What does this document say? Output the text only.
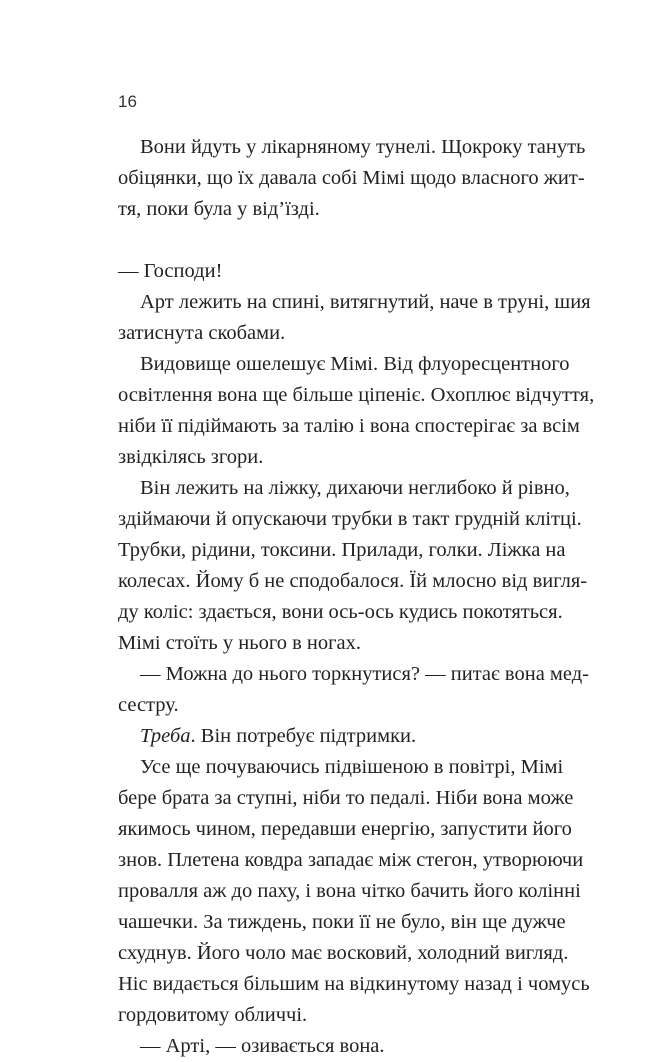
16

Вони йдуть у лікарняному тунелі. Щокроку тануть
обіцянки, що їх давала собі Мімі щодо власного жит-
тя, поки була у від’їзді.

— Господи!

Арт лежить на спині, витягнутий, наче в труні, шия
затиснута скобами.

Видовище ошелешує Мімі. Від флуоресцентного
освітлення вона ще більше ціпеніє. Охоплює відчуття,
ніби її підіймають за талію і вона спостерігає за всім
звідкілясь згори.

Він лежить на ліжку, дихаючи неглибоко й рівно,
здіймаючи й опускаючи трубки в такт грудній клітці.
Трубки, рідини, токсини. Прилади, голки. Ліжка на
колесах. Йому б не сподобалося. Їй млосно від вигля-
ду коліс: здається, вони ось-ось кудись покотяться.
Мімі стоїть у нього в ногах.

— Можна до нього торкнутися? — питає вона мед-
сестру.

Треба. Він потребує підтримки.

Усе ще почуваючись підвішеною в повітрі, Мімі
бере брата за ступні, ніби то педалі. Ніби вона може
якимось чином, передавши енергію, запустити його
знов. Плетена ковдра западає між стегон, утворюючи
провалля аж до паху, і вона чітко бачить його колінні
чашечки. За тиждень, поки її не було, він ще дужче
схуднув. Його чоло має восковий, холодний вигляд.
Ніс видається більшим на відкинутому назад і чомусь
гордовитому обличчі.

— Арті, — озивається вона.
